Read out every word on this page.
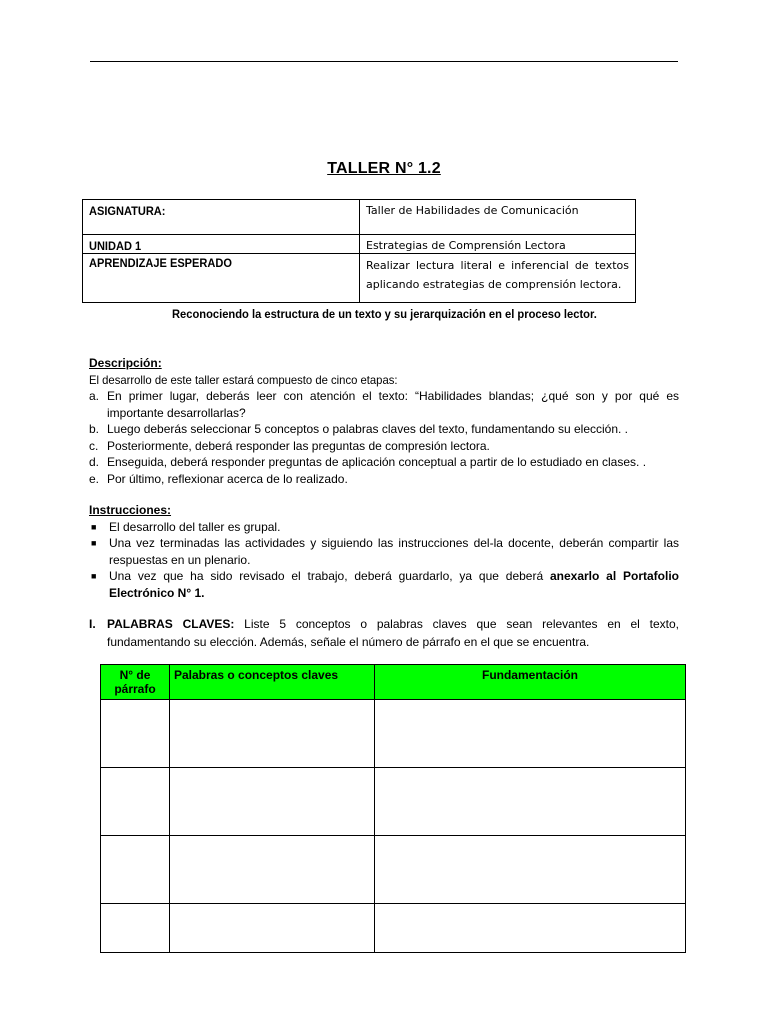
TALLER N° 1.2
ASIGNATURA:	Taller de Habilidades de Comunicación
UNIDAD 1	Estrategias de Comprensión Lectora
APRENDIZAJE ESPERADO	Realizar lectura literal e inferencial de textos aplicando estrategias de comprensión lectora.
Reconociendo la estructura de un texto y su jerarquización en el proceso lector.
Descripción:
El desarrollo de este taller estará compuesto de cinco etapas:
a. En primer lugar, deberás leer con atención el texto: “Habilidades blandas; ¿qué son y por qué es importante desarrollarlas?
b. Luego deberás seleccionar 5 conceptos o palabras claves del texto, fundamentando su elección. .
c. Posteriormente, deberá responder las preguntas de compresión lectora.
d. Enseguida, deberá responder preguntas de aplicación conceptual a partir de lo estudiado en clases. .
e. Por último, reflexionar acerca de lo realizado.
Instrucciones:
■	El desarrollo del taller es grupal.
■	Una vez terminadas las actividades y siguiendo las instrucciones del-la docente, deberán compartir las respuestas en un plenario.
■	Una vez que ha sido revisado el trabajo, deberá guardarlo, ya que deberá anexarlo al Portafolio Electrónico N° 1.
I. PALABRAS CLAVES: Liste 5 conceptos o palabras claves que sean relevantes en el texto, fundamentando su elección. Además, señale el número de párrafo en el que se encuentra.
N° de párrafo	Palabras o conceptos claves	Fundamentación
